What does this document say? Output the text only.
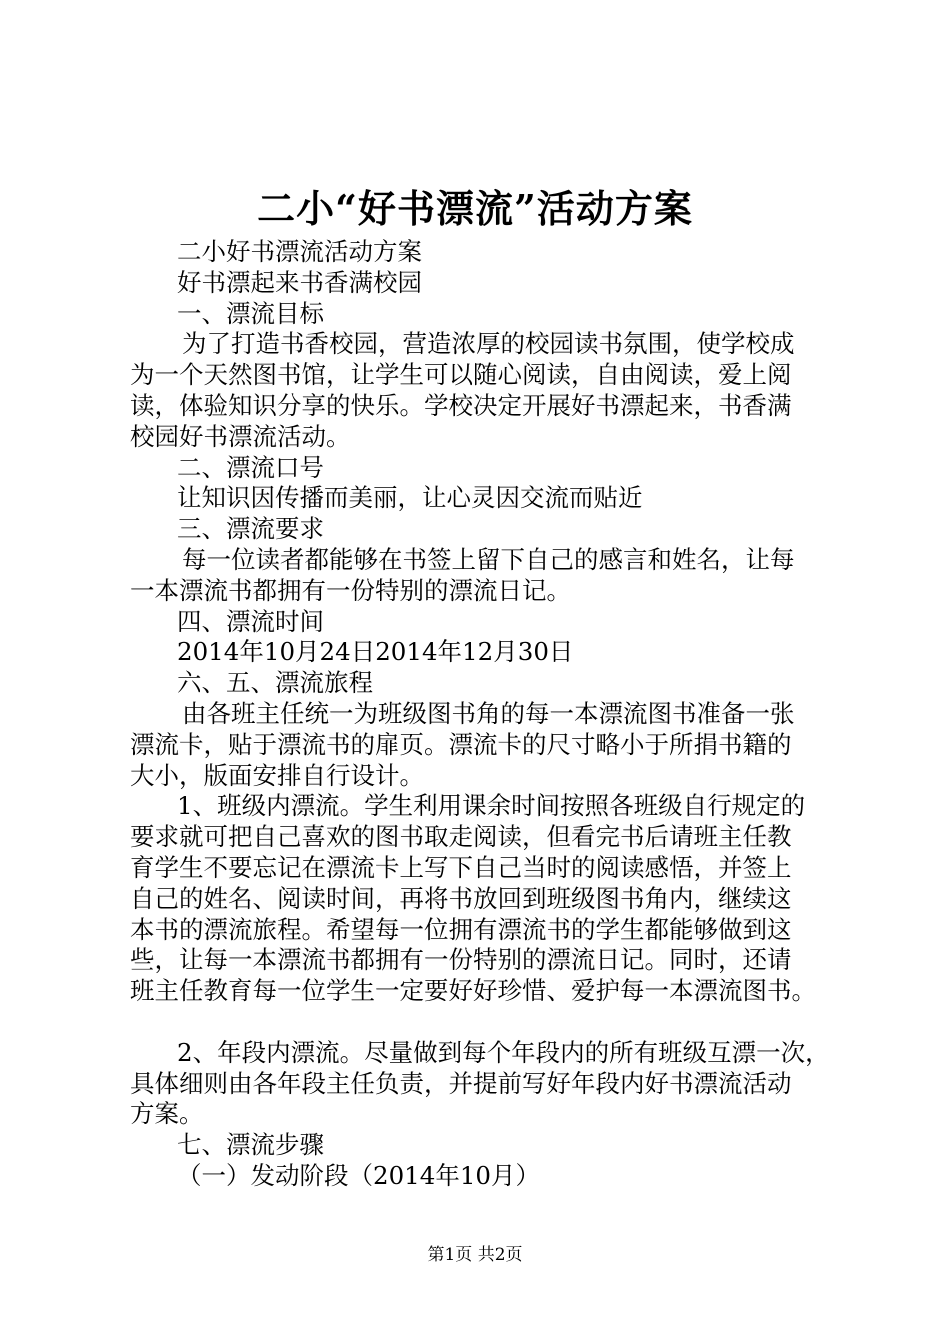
二小“好书漂流”活动方案

二小好书漂流活动方案

好书漂起来书香满校园

一、漂流目标

为了打造书香校园，营造浓厚的校园读书氛围，使学校成

为一个天然图书馆，让学生可以随心阅读，自由阅读，爱上阅

读，体验知识分享的快乐。学校决定开展好书漂起来，书香满

校园好书漂流活动。

二、漂流口号

让知识因传播而美丽，让心灵因交流而贴近

三、漂流要求

每一位读者都能够在书签上留下自己的感言和姓名，让每

一本漂流书都拥有一份特别的漂流日记。

四、漂流时间

2014年10月24日2014年12月30日

六、五、漂流旅程

由各班主任统一为班级图书角的每一本漂流图书准备一张

漂流卡，贴于漂流书的扉页。漂流卡的尺寸略小于所捐书籍的

大小，版面安排自行设计。

1、班级内漂流。学生利用课余时间按照各班级自行规定的

要求就可把自己喜欢的图书取走阅读，但看完书后请班主任教

育学生不要忘记在漂流卡上写下自己当时的阅读感悟，并签上

自己的姓名、阅读时间，再将书放回到班级图书角内，继续这

本书的漂流旅程。希望每一位拥有漂流书的学生都能够做到这

些，让每一本漂流书都拥有一份特别的漂流日记。同时，还请

班主任教育每一位学生一定要好好珍惜、爱护每一本漂流图书。

2、年段内漂流。尽量做到每个年段内的所有班级互漂一次，

具体细则由各年段主任负责，并提前写好年段内好书漂流活动

方案。

七、漂流步骤

（一）发动阶段（2014年10月）

第1页 共2页
